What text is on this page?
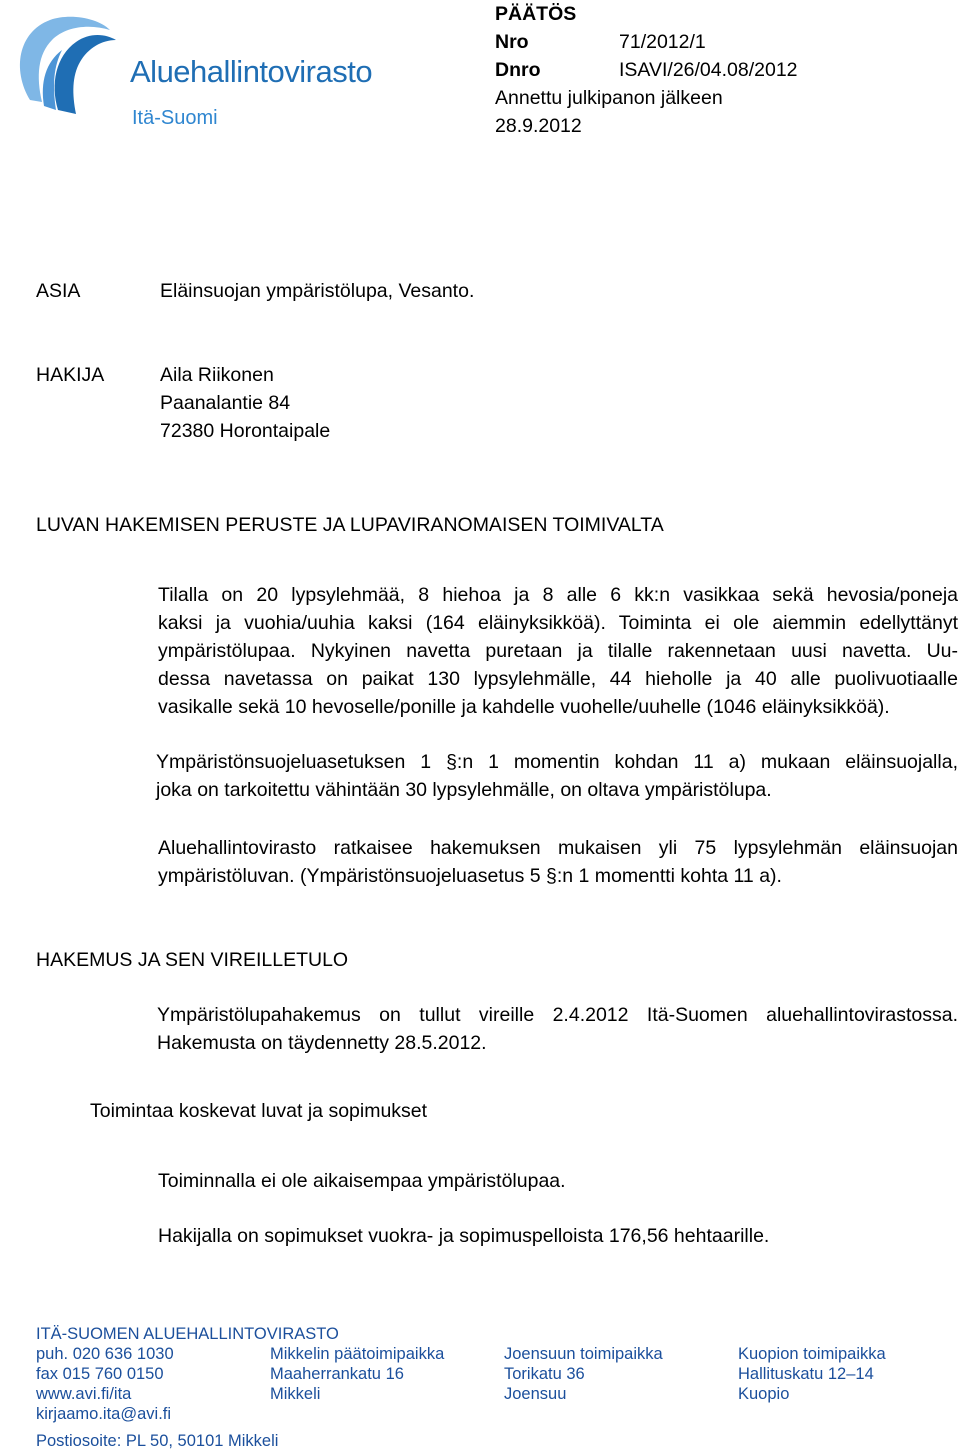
Aluehallintovirasto
Itä-Suomi
PÄÄTÖS
Nro	71/2012/1
Dnro	ISAVI/26/04.08/2012
Annettu julkipanon jälkeen
28.9.2012
ASIA	Eläinsuojan ympäristölupa, Vesanto.
HAKIJA	Aila Riikonen
Paanalantie 84
72380 Horontaipale
LUVAN HAKEMISEN PERUSTE JA LUPAVIRANOMAISEN TOIMIVALTA
Tilalla on 20 lypsylehmää, 8 hiehoa ja 8 alle 6 kk:n vasikkaa sekä hevosia/poneja
kaksi ja vuohia/uuhia kaksi (164 eläinyksikköä). Toiminta ei ole aiemmin edellyttänyt
ympäristölupaa. Nykyinen navetta puretaan ja tilalle rakennetaan uusi navetta. Uu-
dessa navetassa on paikat 130 lypsylehmälle, 44 hieholle ja 40 alle puolivuotiaalle
vasikalle sekä 10 hevoselle/ponille ja kahdelle vuohelle/uuhelle (1046 eläinyksikköä).
Ympäristönsuojeluasetuksen 1 §:n 1 momentin kohdan 11 a) mukaan eläinsuojalla,
joka on tarkoitettu vähintään 30 lypsylehmälle, on oltava ympäristölupa.
Aluehallintovirasto ratkaisee hakemuksen mukaisen yli 75 lypsylehmän eläinsuojan
ympäristöluvan. (Ympäristönsuojeluasetus 5 §:n 1 momentti kohta 11 a).
HAKEMUS JA SEN VIREILLETULO
Ympäristölupahakemus on tullut vireille 2.4.2012 Itä-Suomen aluehallintovirastossa.
Hakemusta on täydennetty 28.5.2012.
Toimintaa koskevat luvat ja sopimukset
Toiminnalla ei ole aikaisempaa ympäristölupaa.
Hakijalla on sopimukset vuokra- ja sopimuspelloista 176,56 hehtaarille.
ITÄ-SUOMEN ALUEHALLINTOVIRASTO
puh. 020 636 1030
fax 015 760 0150
www.avi.fi/ita
kirjaamo.ita@avi.fi
Mikkelin päätoimipaikka
Maaherrankatu 16
Mikkeli
Joensuun toimipaikka
Torikatu 36
Joensuu
Kuopion toimipaikka
Hallituskatu 12–14
Kuopio
Postiosoite: PL 50, 50101 Mikkeli
